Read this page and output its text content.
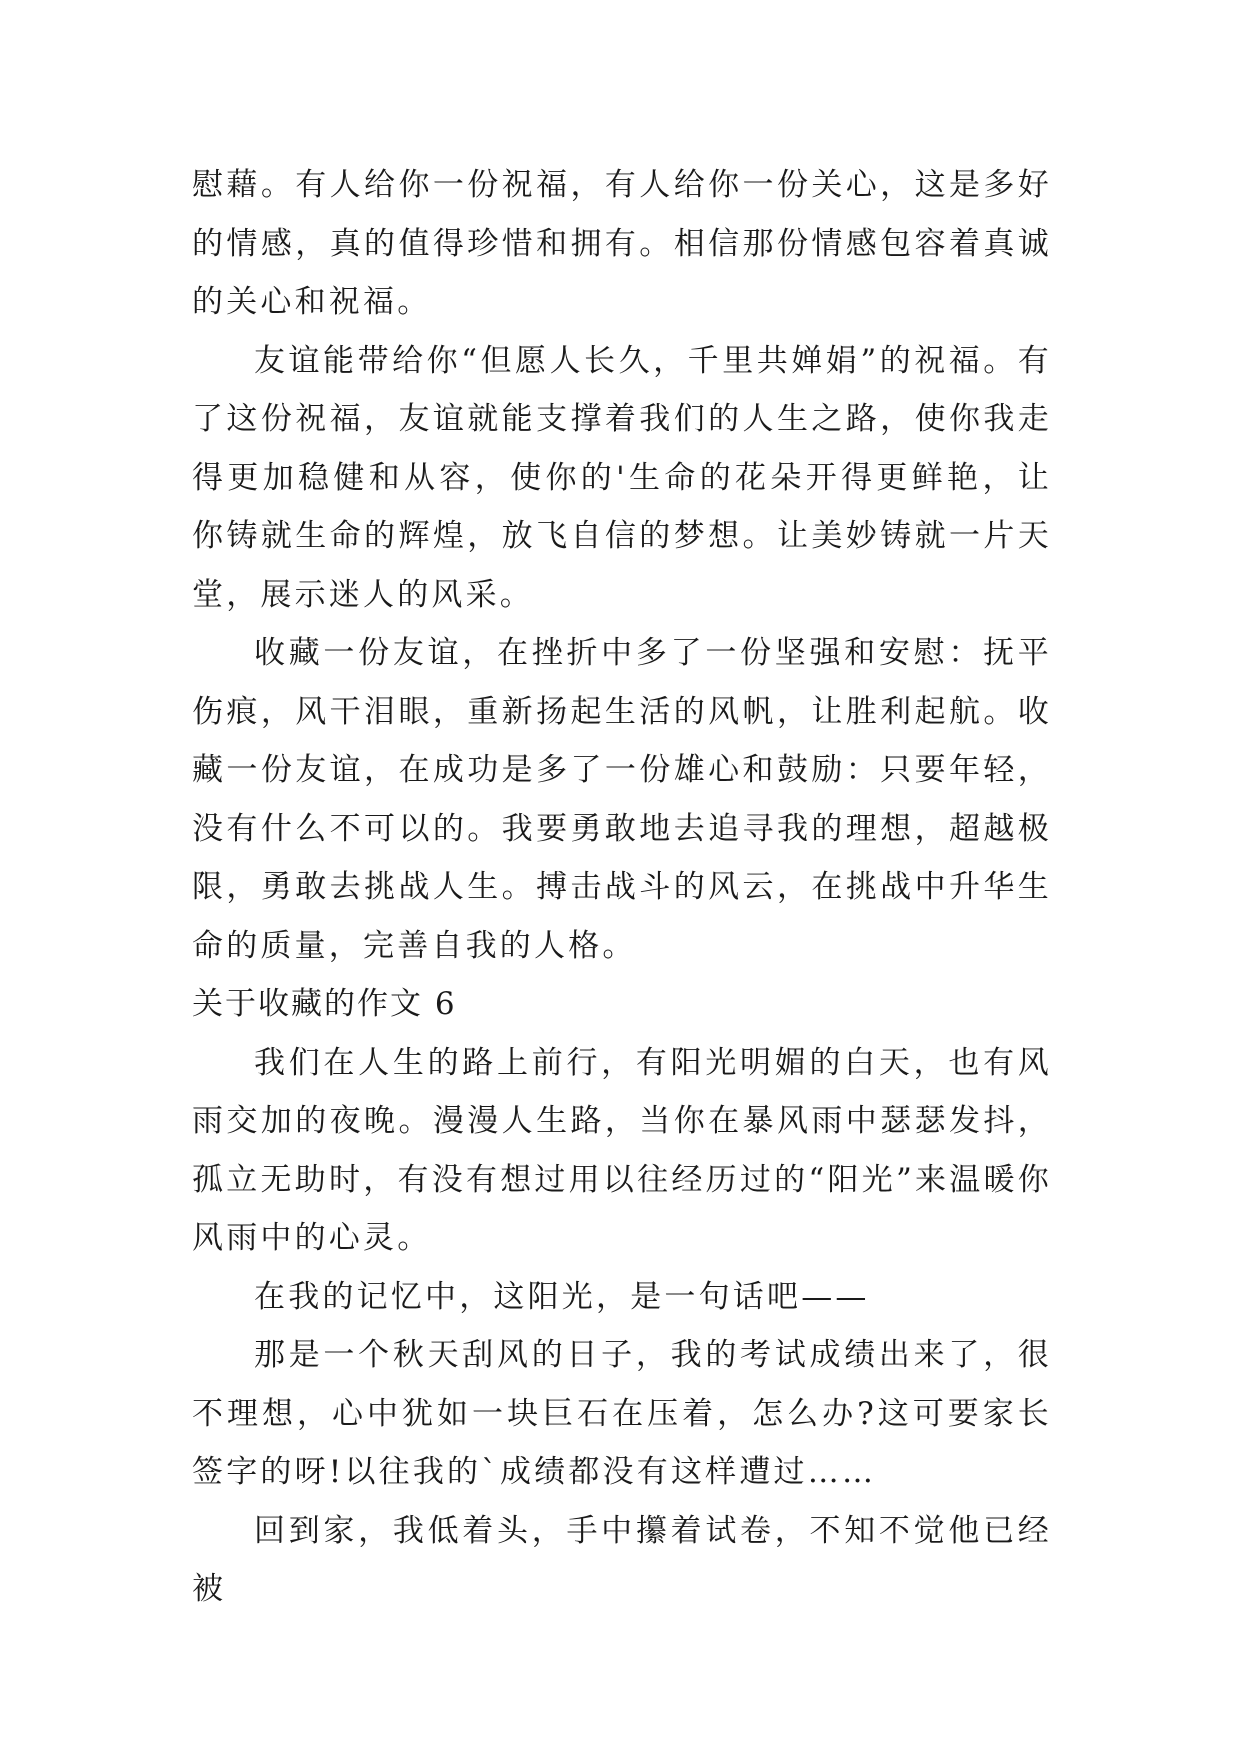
慰藉。有人给你一份祝福，有人给你一份关心，这是多好的情感，真的值得珍惜和拥有。相信那份情感包容着真诚的关心和祝福。

友谊能带给你“但愿人长久，千里共婵娟”的祝福。有了这份祝福，友谊就能支撑着我们的人生之路，使你我走得更加稳健和从容，使你的'生命的花朵开得更鲜艳，让你铸就生命的辉煌，放飞自信的梦想。让美妙铸就一片天堂，展示迷人的风采。

收藏一份友谊，在挫折中多了一份坚强和安慰：抚平伤痕，风干泪眼，重新扬起生活的风帆，让胜利起航。收藏一份友谊，在成功是多了一份雄心和鼓励：只要年轻，没有什么不可以的。我要勇敢地去追寻我的理想，超越极限，勇敢去挑战人生。搏击战斗的风云，在挑战中升华生命的质量，完善自我的人格。

关于收藏的作文 6

我们在人生的路上前行，有阳光明媚的白天，也有风雨交加的夜晚。漫漫人生路，当你在暴风雨中瑟瑟发抖，孤立无助时，有没有想过用以往经历过的“阳光”来温暖你风雨中的心灵。

在我的记忆中，这阳光，是一句话吧——

那是一个秋天刮风的日子，我的考试成绩出来了，很不理想，心中犹如一块巨石在压着，怎么办?这可要家长签字的呀!以往我的`成绩都没有这样遭过……

回到家，我低着头，手中攥着试卷，不知不觉他已经被
